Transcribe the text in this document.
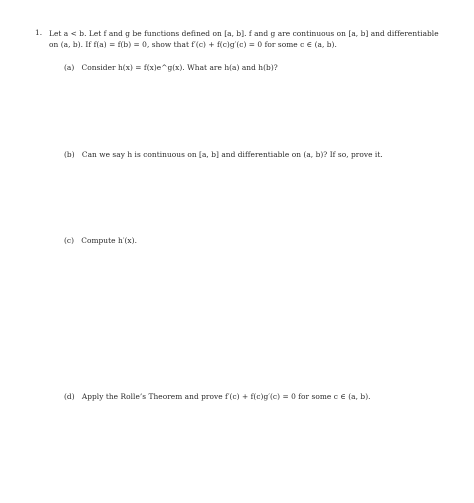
1. Let a < b. Let f and g be functions defined on [a, b]. f and g are continuous on [a, b] and differentiable
on (a, b). If f(a) = f(b) = 0, show that f′(c) + f(c)g′(c) = 0 for some c ∈ (a, b).
(a) Consider h(x) = f(x)e^g(x). What are h(a) and h(b)?
(b) Can we say h is continuous on [a, b] and differentiable on (a, b)? If so, prove it.
(c) Compute h′(x).
(d) Apply the Rolle’s Theorem and prove f′(c) + f(c)g′(c) = 0 for some c ∈ (a, b).
